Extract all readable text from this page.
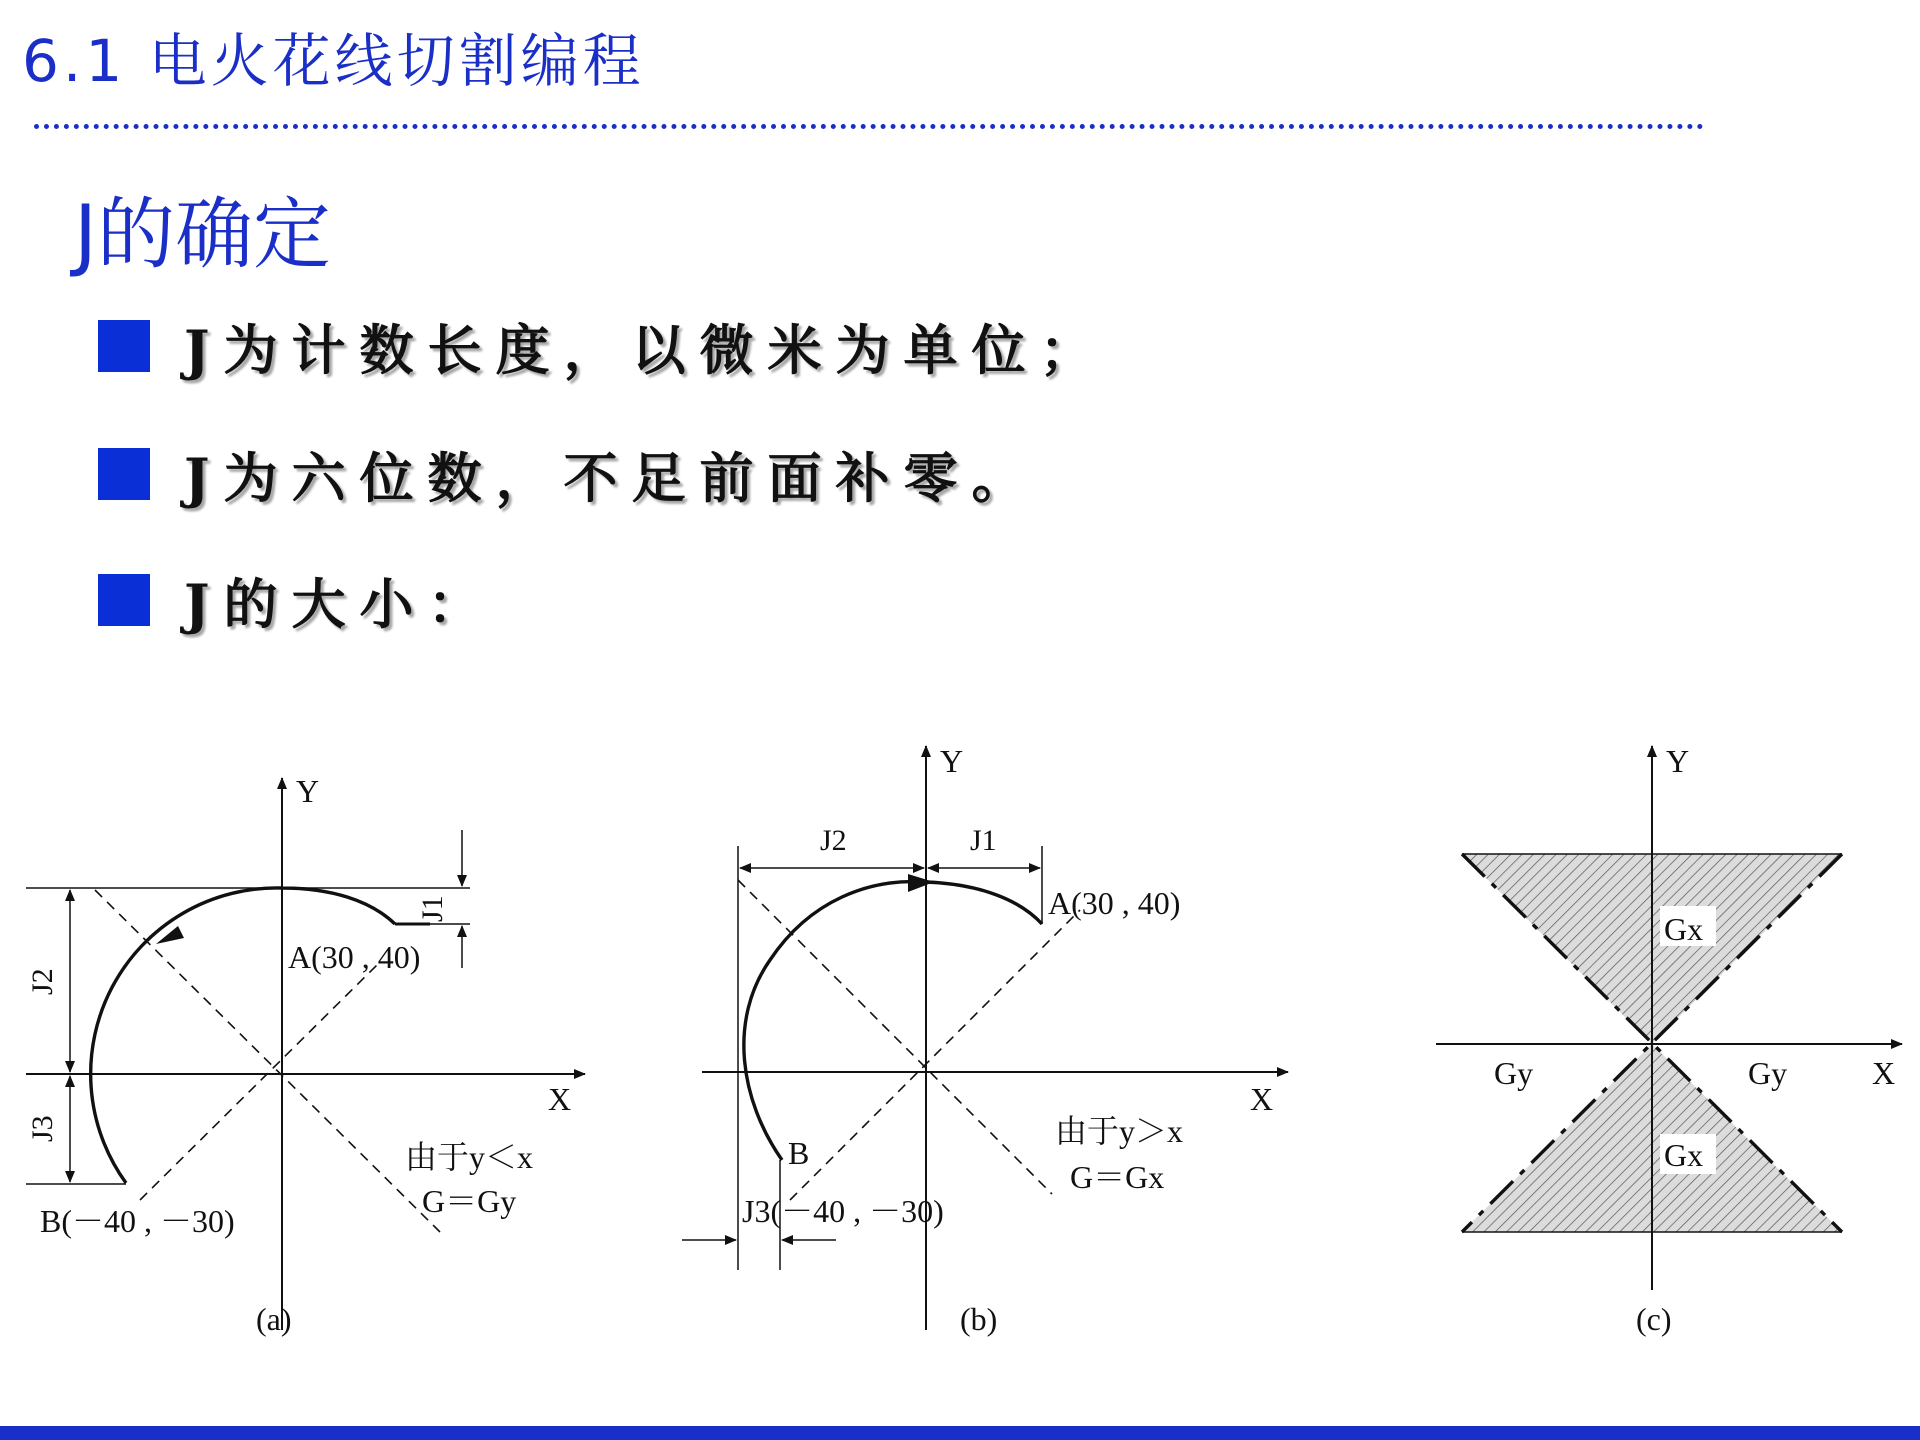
6.1 电火花线切割编程
J的确定
J为计数长度，以微米为单位；
J为六位数，不足前面补零。
J的大小：
X
Y
J1
J2
J3
A(30 , 40)
B(－40 , －30)
由于y＜x
G＝Gy
(a)
X
Y
J2	J1
A(30 , 40)
B
J3(－40 , －30)
由于y＞x
G＝Gx
(b)
X
Y
Gx
Gx
Gy	Gy
(c)
